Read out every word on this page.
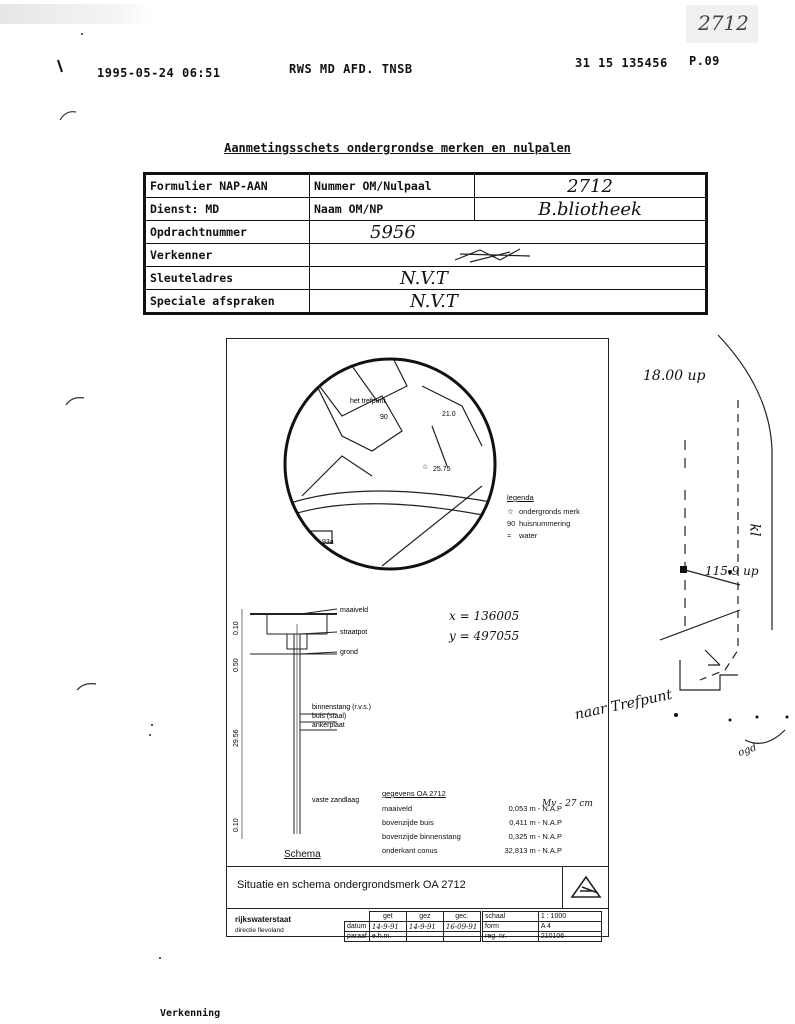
1995-05-24 06:51	RWS MD AFD. TNSB	31 15 135456 P.09
2712
Aanmetingsschets ondergrondse merken en nulpalen
Formulier NAP-AAN	Nummer OM/Nulpaal	2712
Dienst: MD	Naam OM/NP	B.bliotheek
Opdrachtnummer	5956	
Verkenner	

Sleuteladres	N.V.T	
Speciale afspraken	N.V.T	
het trefpunt
90
93a
☆ 25.75
21.0
legenda
☆ ondergronds merk
90 huisnummering
≈ water
x = 136005
y = 497055
maaiveld
straatpot
grond
binnenstang (r.v.s.)
buis (staal)
ankerplaat
vaste zandlaag
0.10
0.50
29.56
0.10
Schema
gegevens OA 2712
maaiveld	0,053 m - N.A.P
bovenzijde buis	0,411 m - N.A.P
bovenzijde binnenstang	0,325 m - N.A.P
onderkant conus	32,813 m - N.A.P
Mv - 27 cm
Situatie en schema ondergrondsmerk OA 2712
rijkswaterstaat
directie flevoland
	get	gez	gec.
datum	14-9-91	14-9-91	16-09-91
paraaf	e.h.m.		
schaal	1 : 1000
form	A 4
reg. nr.	210106
18.00 up
115.9 up
kl
naar Trefpunt
ogd
Verkenning
